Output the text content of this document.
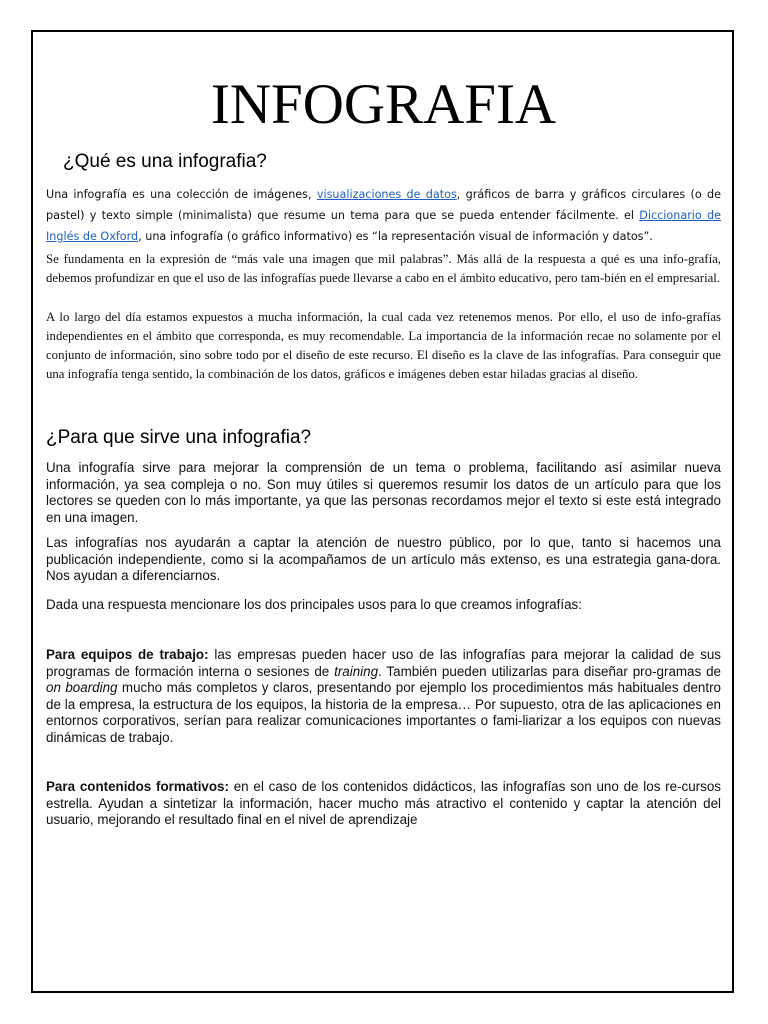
INFOGRAFIA
¿Qué es una infografia?

Una infografía es una colección de imágenes, visualizaciones de datos, gráficos de barra y gráficos circulares (o de pastel) y texto simple (minimalista) que resume un tema para que se pueda entender fácilmente. el Diccionario de Inglés de Oxford, una infografía (o gráfico informativo) es “la representación visual de información y datos”.

Se fundamenta en la expresión de “más vale una imagen que mil palabras”. Más allá de la respuesta a qué es una info-grafía, debemos profundizar en que el uso de las infografías puede llevarse a cabo en el ámbito educativo, pero tam-bién en el empresarial.

A lo largo del día estamos expuestos a mucha información, la cual cada vez retenemos menos. Por ello, el uso de info-grafías independientes en el ámbito que corresponda, es muy recomendable. La importancia de la información recae no solamente por el conjunto de información, sino sobre todo por el diseño de este recurso. El diseño es la clave de las infografías. Para conseguir que una infografía tenga sentido, la combinación de los datos, gráficos e imágenes deben estar hiladas gracias al diseño.

¿Para que sirve una infografia?

Una infografía sirve para mejorar la comprensión de un tema o problema, facilitando así asimilar nueva información, ya sea compleja o no. Son muy útiles si queremos resumir los datos de un artículo para que los lectores se queden con lo más importante, ya que las personas recordamos mejor el texto si este está integrado en una imagen.

Las infografías nos ayudarán a captar la atención de nuestro público, por lo que, tanto si hacemos una publicación independiente, como si la acompañamos de un artículo más extenso, es una estrategia gana-dora. Nos ayudan a diferenciarnos.

Dada una respuesta mencionare los dos principales usos para lo que creamos infografías:

Para equipos de trabajo: las empresas pueden hacer uso de las infografías para mejorar la calidad de sus programas de formación interna o sesiones de training. También pueden utilizarlas para diseñar pro-gramas de on boarding mucho más completos y claros, presentando por ejemplo los procedimientos más habituales dentro de la empresa, la estructura de los equipos, la historia de la empresa… Por supuesto, otra de las aplicaciones en entornos corporativos, serían para realizar comunicaciones importantes o fami-liarizar a los equipos con nuevas dinámicas de trabajo.

Para contenidos formativos: en el caso de los contenidos didácticos, las infografías son uno de los re-cursos estrella. Ayudan a sintetizar la información, hacer mucho más atractivo el contenido y captar la atención del usuario, mejorando el resultado final en el nivel de aprendizaje
